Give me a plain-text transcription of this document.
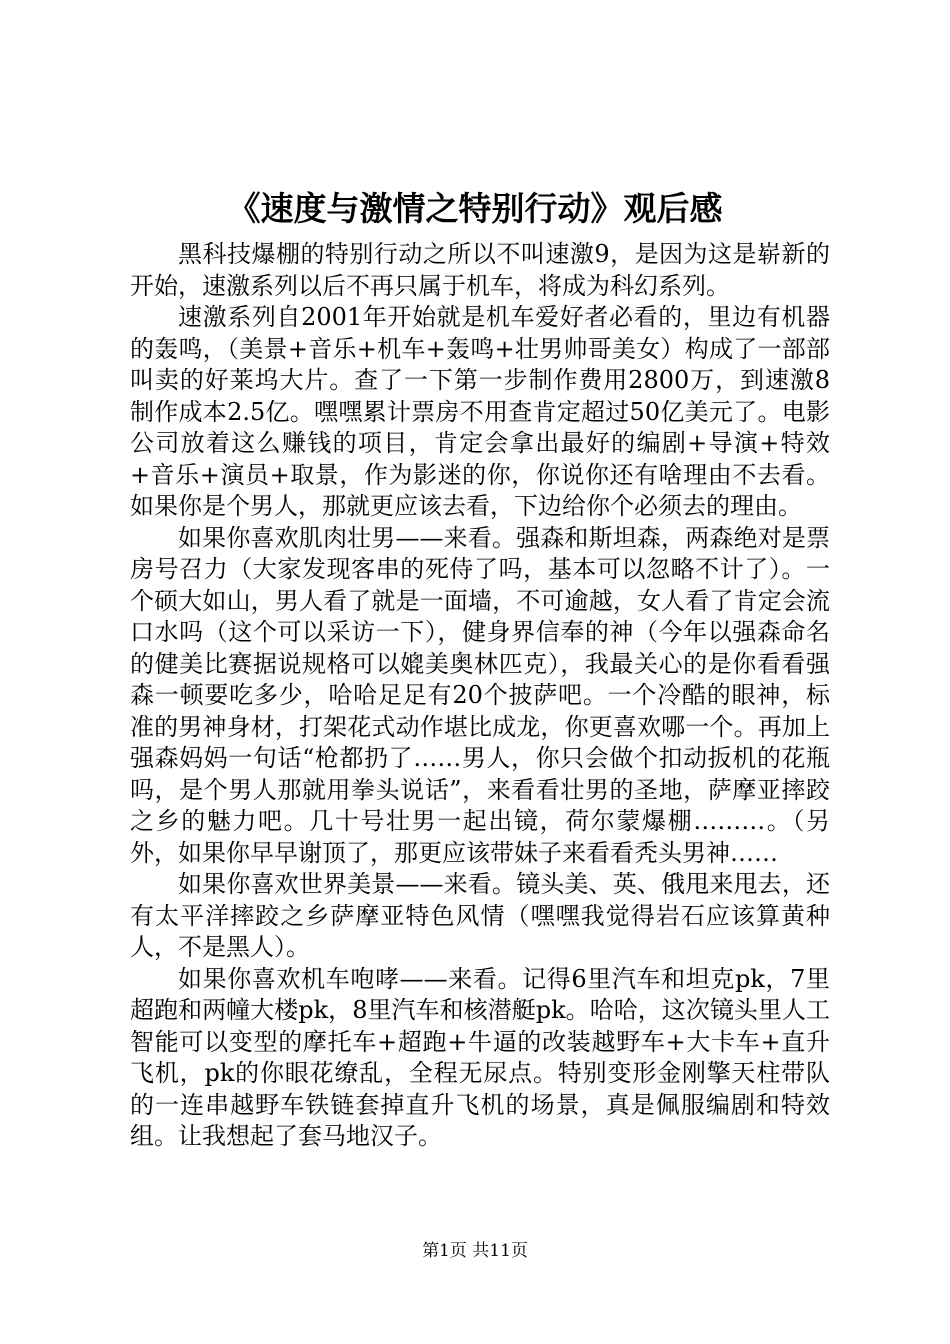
《速度与激情之特别行动》观后感

黑科技爆棚的特别行动之所以不叫速激9，是因为这是崭新的开始，速激系列以后不再只属于机车，将成为科幻系列。

速激系列自2001年开始就是机车爱好者必看的，里边有机器的轰鸣，（美景+音乐+机车+轰鸣+壮男帅哥美女）构成了一部部叫卖的好莱坞大片。查了一下第一步制作费用2800万，到速激8制作成本2.5亿。嘿嘿累计票房不用查肯定超过50亿美元了。电影公司放着这么赚钱的项目，肯定会拿出最好的编剧+导演+特效+音乐+演员+取景，作为影迷的你，你说你还有啥理由不去看。如果你是个男人，那就更应该去看，下边给你个必须去的理由。

如果你喜欢肌肉壮男——来看。强森和斯坦森，两森绝对是票房号召力（大家发现客串的死侍了吗，基本可以忽略不计了）。一个硕大如山，男人看了就是一面墙，不可逾越，女人看了肯定会流口水吗（这个可以采访一下），健身界信奉的神（今年以强森命名的健美比赛据说规格可以媲美奥林匹克），我最关心的是你看看强森一顿要吃多少，哈哈足足有20个披萨吧。一个冷酷的眼神，标准的男神身材，打架花式动作堪比成龙，你更喜欢哪一个。再加上强森妈妈一句话“枪都扔了……男人，你只会做个扣动扳机的花瓶吗，是个男人那就用拳头说话”，来看看壮男的圣地，萨摩亚摔跤之乡的魅力吧。几十号壮男一起出镜，荷尔蒙爆棚………。（另外，如果你早早谢顶了，那更应该带妹子来看看秃头男神……

如果你喜欢世界美景——来看。镜头美、英、俄甩来甩去，还有太平洋摔跤之乡萨摩亚特色风情（嘿嘿我觉得岩石应该算黄种人，不是黑人）。

如果你喜欢机车咆哮——来看。记得6里汽车和坦克pk，7里超跑和两幢大楼pk，8里汽车和核潜艇pk。哈哈，这次镜头里人工智能可以变型的摩托车+超跑+牛逼的改装越野车+大卡车+直升飞机，pk的你眼花缭乱，全程无尿点。特别变形金刚擎天柱带队的一连串越野车铁链套掉直升飞机的场景，真是佩服编剧和特效组。让我想起了套马地汉子。

第1页 共11页
